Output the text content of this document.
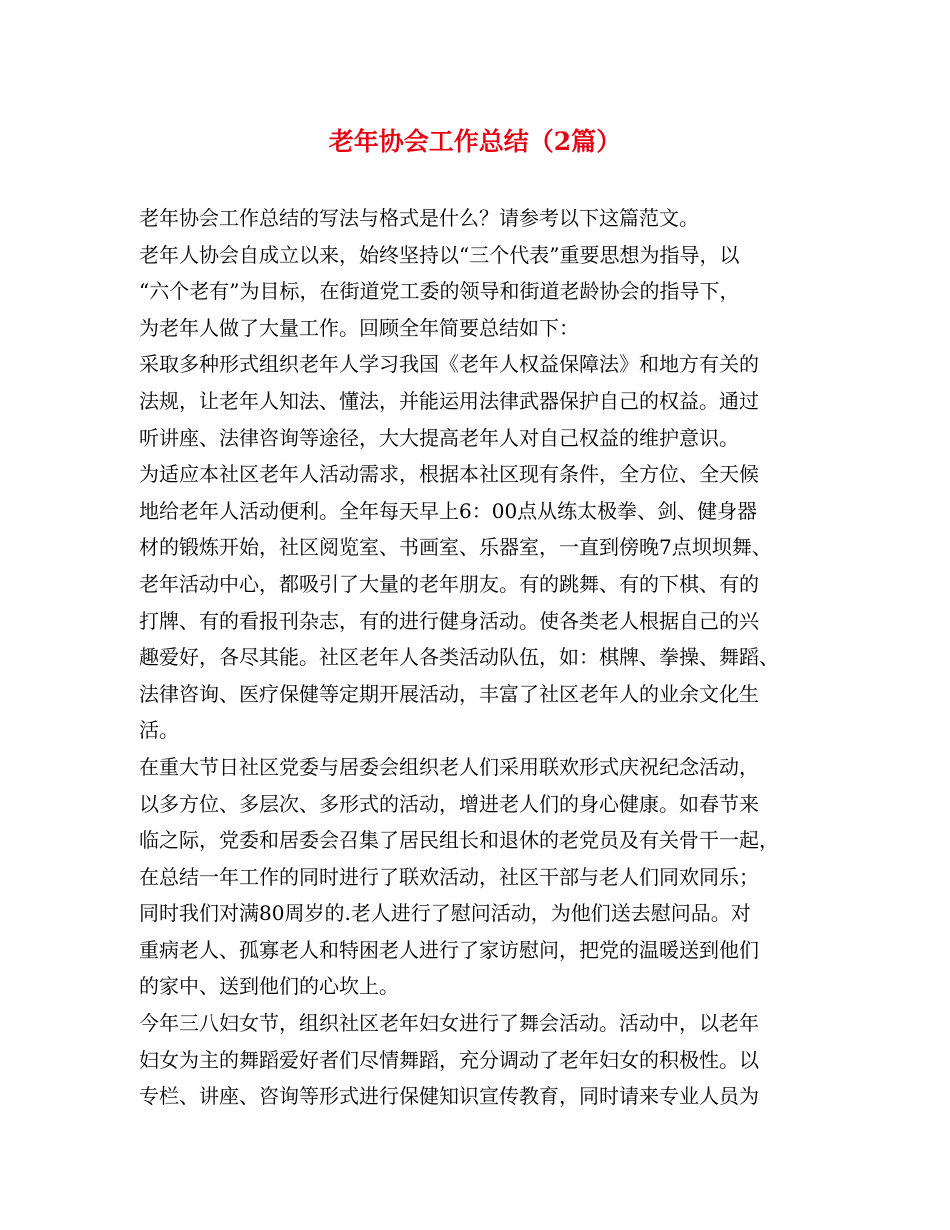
老年协会工作总结（2篇）
老年协会工作总结的写法与格式是什么？请参考以下这篇范文。
老年人协会自成立以来，始终坚持以“三个代表”重要思想为指导，以
“六个老有”为目标，在街道党工委的领导和街道老龄协会的指导下，
为老年人做了大量工作。回顾全年简要总结如下：
采取多种形式组织老年人学习我国《老年人权益保障法》和地方有关的
法规，让老年人知法、懂法，并能运用法律武器保护自己的权益。通过
听讲座、法律咨询等途径，大大提高老年人对自己权益的维护意识。
为适应本社区老年人活动需求，根据本社区现有条件，全方位、全天候
地给老年人活动便利。全年每天早上6：00点从练太极拳、剑、健身器
材的锻炼开始，社区阅览室、书画室、乐器室，一直到傍晚7点坝坝舞、
老年活动中心，都吸引了大量的老年朋友。有的跳舞、有的下棋、有的
打牌、有的看报刊杂志，有的进行健身活动。使各类老人根据自己的兴
趣爱好，各尽其能。社区老年人各类活动队伍，如：棋牌、拳操、舞蹈、
法律咨询、医疗保健等定期开展活动，丰富了社区老年人的业余文化生
活。
在重大节日社区党委与居委会组织老人们采用联欢形式庆祝纪念活动，
以多方位、多层次、多形式的活动，增进老人们的身心健康。如春节来
临之际，党委和居委会召集了居民组长和退休的老党员及有关骨干一起，
在总结一年工作的同时进行了联欢活动，社区干部与老人们同欢同乐；
同时我们对满80周岁的.老人进行了慰问活动，为他们送去慰问品。对
重病老人、孤寡老人和特困老人进行了家访慰问，把党的温暖送到他们
的家中、送到他们的心坎上。
今年三八妇女节，组织社区老年妇女进行了舞会活动。活动中，以老年
妇女为主的舞蹈爱好者们尽情舞蹈，充分调动了老年妇女的积极性。以
专栏、讲座、咨询等形式进行保健知识宣传教育，同时请来专业人员为
